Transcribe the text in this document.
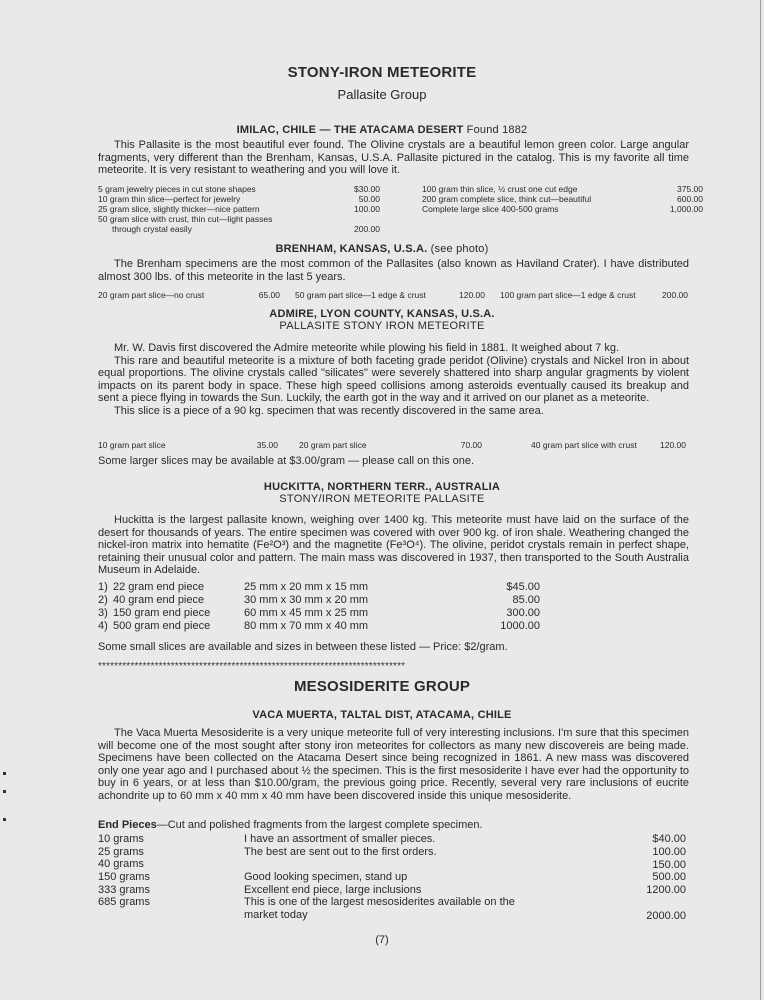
STONY-IRON METEORITE
Pallasite Group
IMILAC, CHILE — THE ATACAMA DESERT Found 1882

This Pallasite is the most beautiful ever found. The Olivine crystals are a beautiful lemon green color. Large angular fragments, very different than the Brenham, Kansas, U.S.A. Pallasite pictured in the catalog. This is my favorite all time meteorite. It is very resistant to weathering and you will love it.

5 gram jewelry pieces in cut stone shapes	$30.00
10 gram thin slice—perfect for jewelry	50.00
25 gram slice, slightly thicker—nice pattern	100.00
50 gram slice with crust, thin cut—light passes
through crystal easily	200.00
100 gram thin slice, ½ crust one cut edge	375.00
200 gram complete slice, think cut—beautiful	600.00
Complete large slice 400-500 grams	1,000.00
BRENHAM, KANSAS, U.S.A. (see photo)

The Brenham specimens are the most common of the Pallasites (also known as Haviland Crater). I have distributed almost 300 lbs. of this meteorite in the last 5 years.

20 gram part slice—no crust	65.00 50 gram part slice—1 edge & crust	120.00 100 gram part slice—1 edge & crust	200.00
ADMIRE, LYON COUNTY, KANSAS, U.S.A.
PALLASITE STONY IRON METEORITE

Mr. W. Davis first discovered the Admire meteorite while plowing his field in 1881. It weighed about 7 kg.

This rare and beautiful meteorite is a mixture of both faceting grade peridot (Olivine) crystals and Nickel Iron in about equal proportions. The olivine crystals called "silicates" were severely shattered into sharp angular gragments by violent impacts on its parent body in space. These high speed collisions among asteroids eventually caused its breakup and sent a piece flying in towards the Sun. Luckily, the earth got in the way and it arrived on our planet as a meteorite.

This slice is a piece of a 90 kg. specimen that was recently discovered in the same area.

10 gram part slice	35.00 20 gram part slice	70.00	40 gram part slice with crust	120.00
Some larger slices may be available at $3.00/gram — please call on this one.
HUCKITTA, NORTHERN TERR., AUSTRALIA
STONY/IRON METEORITE PALLASITE

Huckitta is the largest pallasite known, weighing over 1400 kg. This meteorite must have laid on the surface of the desert for thousands of years. The entire specimen was covered with over 900 kg. of iron shale. Weathering changed the nickel-iron matrix into hematite (Fe²O³) and the magnetite (Fe³O⁴). The olivine, peridot crystals remain in perfect shape, retaining their unusual color and pattern. The main mass was discovered in 1937, then transported to the South Australia Museum in Adelaide.

1) 22 gram end piece	25 mm x 20 mm x 15 mm	$45.00
2) 40 gram end piece	30 mm x 30 mm x 20 mm	85.00
3) 150 gram end piece	60 mm x 45 mm x 25 mm	300.00
4) 500 gram end piece	80 mm x 70 mm x 40 mm	1000.00
Some small slices are available and sizes in between these listed — Price: $2/gram.
****************************************************************************
MESOSIDERITE GROUP
VACA MUERTA, TALTAL DIST, ATACAMA, CHILE

The Vaca Muerta Mesosiderite is a very unique meteorite full of very interesting inclusions. I'm sure that this specimen will become one of the most sought after stony iron meteorites for collectors as many new discovereis are being made. Specimens have been collected on the Atacama Desert since being recognized in 1861. A new mass was discovered only one year ago and I purchased about ½ the specimen. This is the first mesosiderite I have ever had the opportunity to buy in 6 years, or at less than $10.00/gram, the previous going price. Recently, several very rare inclusions of eucrite achondrite up to 60 mm x 40 mm x 40 mm have been discovered inside this unique mesosiderite.

End Pieces—Cut and polished fragments from the largest complete specimen.
10 grams	I have an assortment of smaller pieces.	$40.00
25 grams	The best are sent out to the first orders.	100.00
40 grams	150.00
150 grams	Good looking specimen, stand up	500.00
333 grams	Excellent end piece, large inclusions	1200.00
685 grams	This is one of the largest mesosiderites available on the
market today	2000.00
(7)
